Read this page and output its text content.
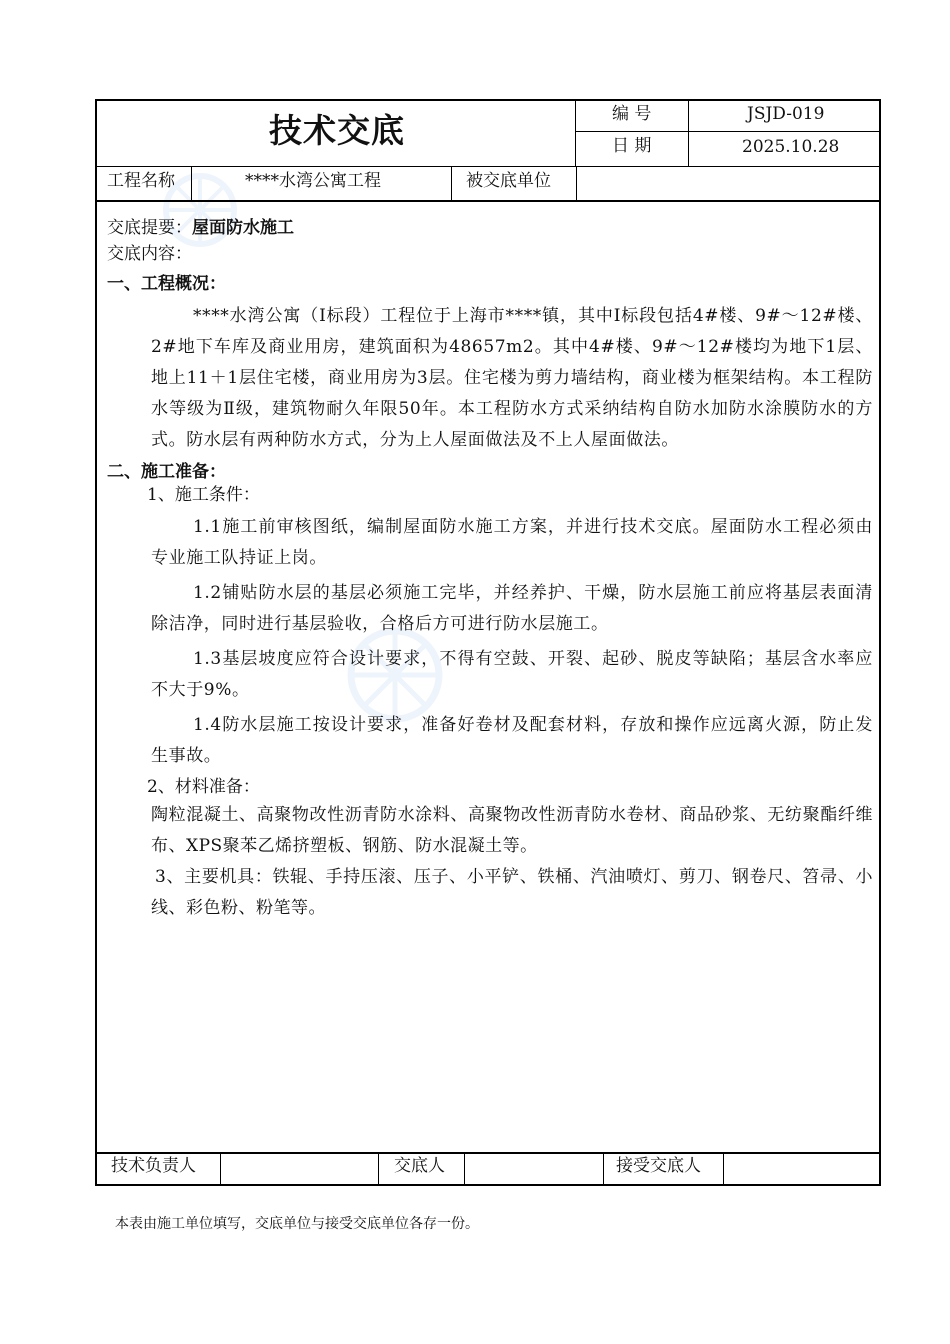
技术交底	编 号	JSJD-019
日 期	2025.10.28
工程名称	****水湾公寓工程	被交底单位
交底提要：屋面防水施工
交底内容：
一、工程概况：
****水湾公寓（Ⅰ标段）工程位于上海市****镇，其中Ⅰ标段包括4#楼、9#～12#楼、2#地下车库及商业用房，建筑面积为48657m2。其中4#楼、9#～12#楼均为地下1层、地上11＋1层住宅楼，商业用房为3层。住宅楼为剪力墙结构，商业楼为框架结构。本工程防水等级为Ⅱ级，建筑物耐久年限50年。本工程防水方式采纳结构自防水加防水涂膜防水的方式。防水层有两种防水方式，分为上人屋面做法及不上人屋面做法。
二、施工准备：
1、施工条件：
1.1施工前审核图纸，编制屋面防水施工方案，并进行技术交底。屋面防水工程必须由专业施工队持证上岗。
1.2铺贴防水层的基层必须施工完毕，并经养护、干燥，防水层施工前应将基层表面清除洁净，同时进行基层验收，合格后方可进行防水层施工。
1.3基层坡度应符合设计要求，不得有空鼓、开裂、起砂、脱皮等缺陷；基层含水率应不大于9%。
1.4防水层施工按设计要求，准备好卷材及配套材料，存放和操作应远离火源，防止发生事故。
2、材料准备：
陶粒混凝土、高聚物改性沥青防水涂料、高聚物改性沥青防水卷材、商品砂浆、无纺聚酯纤维布、XPS聚苯乙烯挤塑板、钢筋、防水混凝土等。
3、主要机具：铁辊、手持压滚、压子、小平铲、铁桶、汽油喷灯、剪刀、钢卷尺、笤帚、小线、彩色粉、粉笔等。
技术负责人	交底人	接受交底人
本表由施工单位填写，交底单位与接受交底单位各存一份。
